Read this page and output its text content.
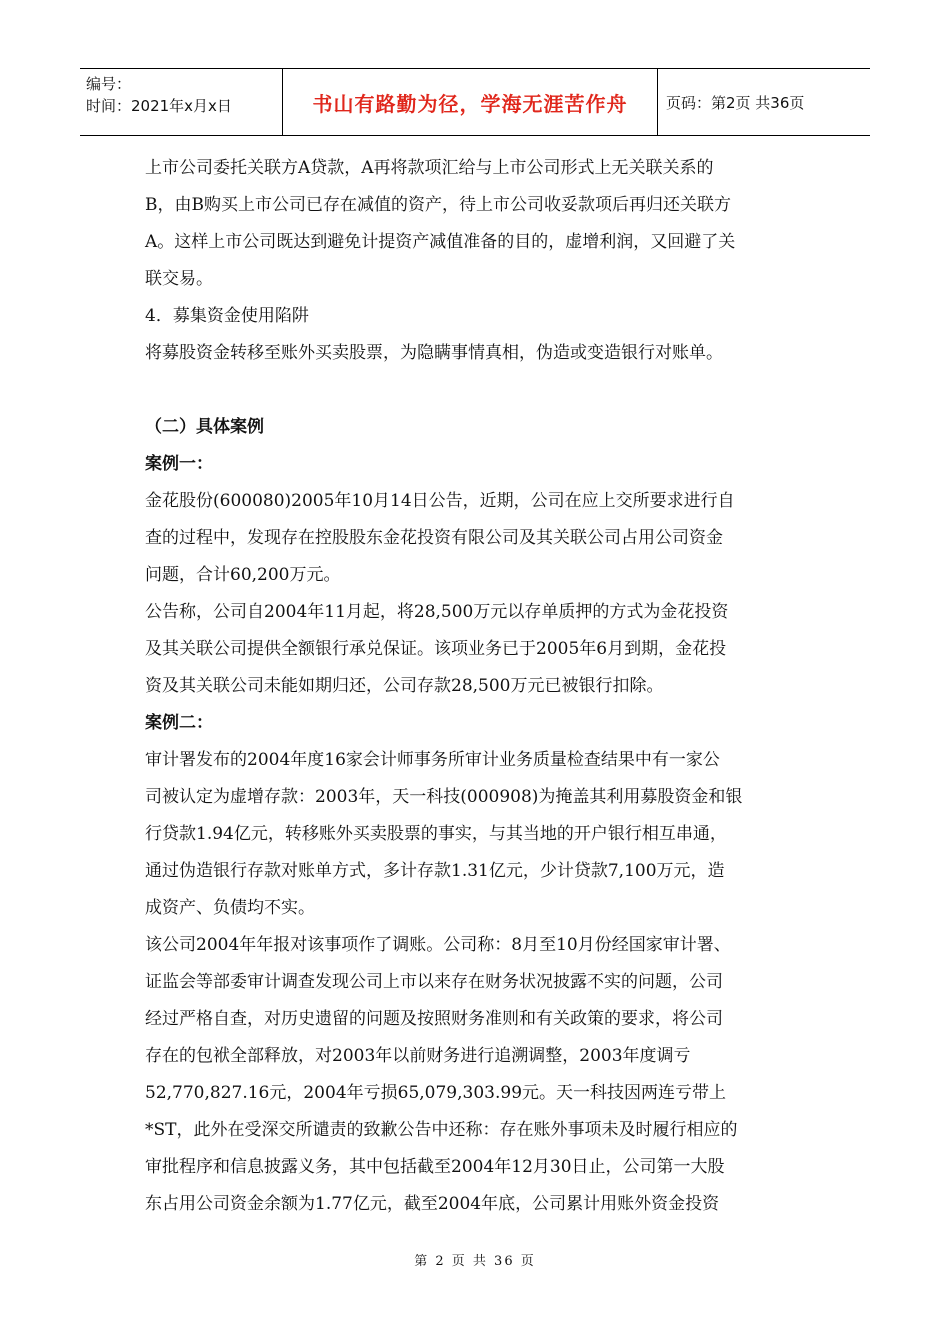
编号：
时间：2021年x月x日	书山有路勤为径，学海无涯苦作舟	页码：第2页 共36页
上市公司委托关联方A贷款，A再将款项汇给与上市公司形式上无关联关系的
B，由B购买上市公司已存在减值的资产，待上市公司收妥款项后再归还关联方
A。这样上市公司既达到避免计提资产减值准备的目的，虚增利润，又回避了关
联交易。
4．募集资金使用陷阱
将募股资金转移至账外买卖股票，为隐瞒事情真相，伪造或变造银行对账单。
（二）具体案例
案例一：
金花股份(600080)2005年10月14日公告，近期，公司在应上交所要求进行自
查的过程中，发现存在控股股东金花投资有限公司及其关联公司占用公司资金
问题，合计60,200万元。
公告称，公司自2004年11月起，将28,500万元以存单质押的方式为金花投资
及其关联公司提供全额银行承兑保证。该项业务已于2005年6月到期，金花投
资及其关联公司未能如期归还，公司存款28,500万元已被银行扣除。
案例二：
审计署发布的2004年度16家会计师事务所审计业务质量检查结果中有一家公
司被认定为虚增存款：2003年，天一科技(000908)为掩盖其利用募股资金和银
行贷款1.94亿元，转移账外买卖股票的事实，与其当地的开户银行相互串通，
通过伪造银行存款对账单方式，多计存款1.31亿元，少计贷款7,100万元，造
成资产、负债均不实。
该公司2004年年报对该事项作了调账。公司称：8月至10月份经国家审计署、
证监会等部委审计调查发现公司上市以来存在财务状况披露不实的问题，公司
经过严格自查，对历史遗留的问题及按照财务准则和有关政策的要求，将公司
存在的包袱全部释放，对2003年以前财务进行追溯调整，2003年度调亏
52,770,827.16元，2004年亏损65,079,303.99元。天一科技因两连亏带上
*ST，此外在受深交所谴责的致歉公告中还称：存在账外事项未及时履行相应的
审批程序和信息披露义务，其中包括截至2004年12月30日止，公司第一大股
东占用公司资金余额为1.77亿元，截至2004年底，公司累计用账外资金投资
第 2 页 共 36 页
